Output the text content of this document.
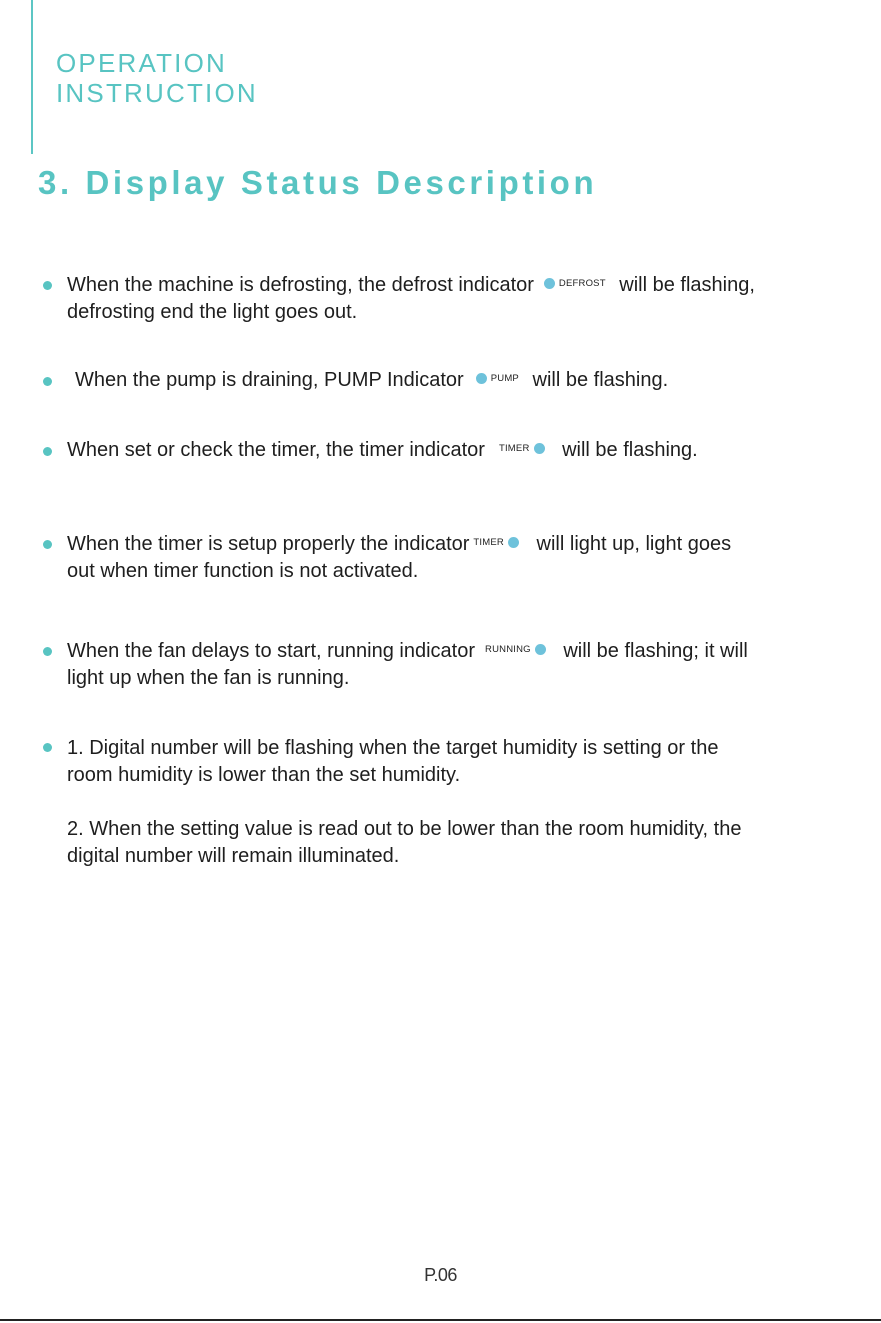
OPERATION
INSTRUCTION
3. Display Status Description
When the machine is defrosting, the defrost indicator	DEFROST will be flashing,
defrosting end the light goes out.
When the pump is draining, PUMP Indicator	PUMP will be flashing.
When set or check the timer, the timer indicator TIMER will be flashing.
When the timer is setup properly the indicator TIMER will light up, light goes
out when timer function is not activated.
When the fan delays to start, running indicator RUNNING will be flashing; it will
light up when the fan is running.
1. Digital number will be flashing when the target humidity is setting or the
room humidity is lower than the set humidity.
2. When the setting value is read out to be lower than the room humidity, the
digital number will remain illuminated.
P.06
